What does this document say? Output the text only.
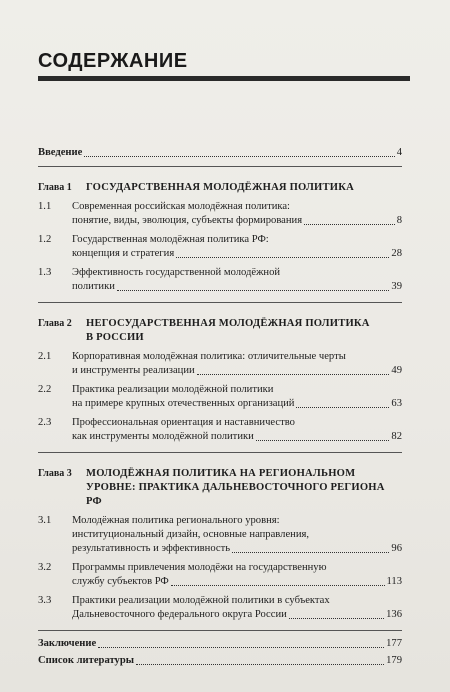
СОДЕРЖАНИЕ
Введение	4
Глава 1	ГОСУДАРСТВЕННАЯ МОЛОДЁЖНАЯ ПОЛИТИКА
1.1	Современная российская молодёжная политика:
понятие, виды, эволюция, субъекты формирования	8
1.2	Государственная молодёжная политика РФ:
концепция и стратегия	28
1.3	Эффективность государственной молодёжной
политики	39
Глава 2	НЕГОСУДАРСТВЕННАЯ МОЛОДЁЖНАЯ ПОЛИТИКА
В РОССИИ
2.1	Корпоративная молодёжная политика: отличительные черты
и инструменты реализации	49
2.2	Практика реализации молодёжной политики
на примере крупных отечественных организаций	63
2.3	Профессиональная ориентация и наставничество
как инструменты молодёжной политики	82
Глава 3	МОЛОДЁЖНАЯ ПОЛИТИКА НА РЕГИОНАЛЬНОМ
УРОВНЕ: ПРАКТИКА ДАЛЬНЕВОСТОЧНОГО РЕГИОНА РФ
3.1	Молодёжная политика регионального уровня:
институциональный дизайн, основные направления,
результативность и эффективность	96
3.2	Программы привлечения молодёжи на государственную
службу субъектов РФ	113
3.3	Практики реализации молодёжной политики в субъектах
Дальневосточного федерального округа России	136
Заключение	177
Список литературы	179
